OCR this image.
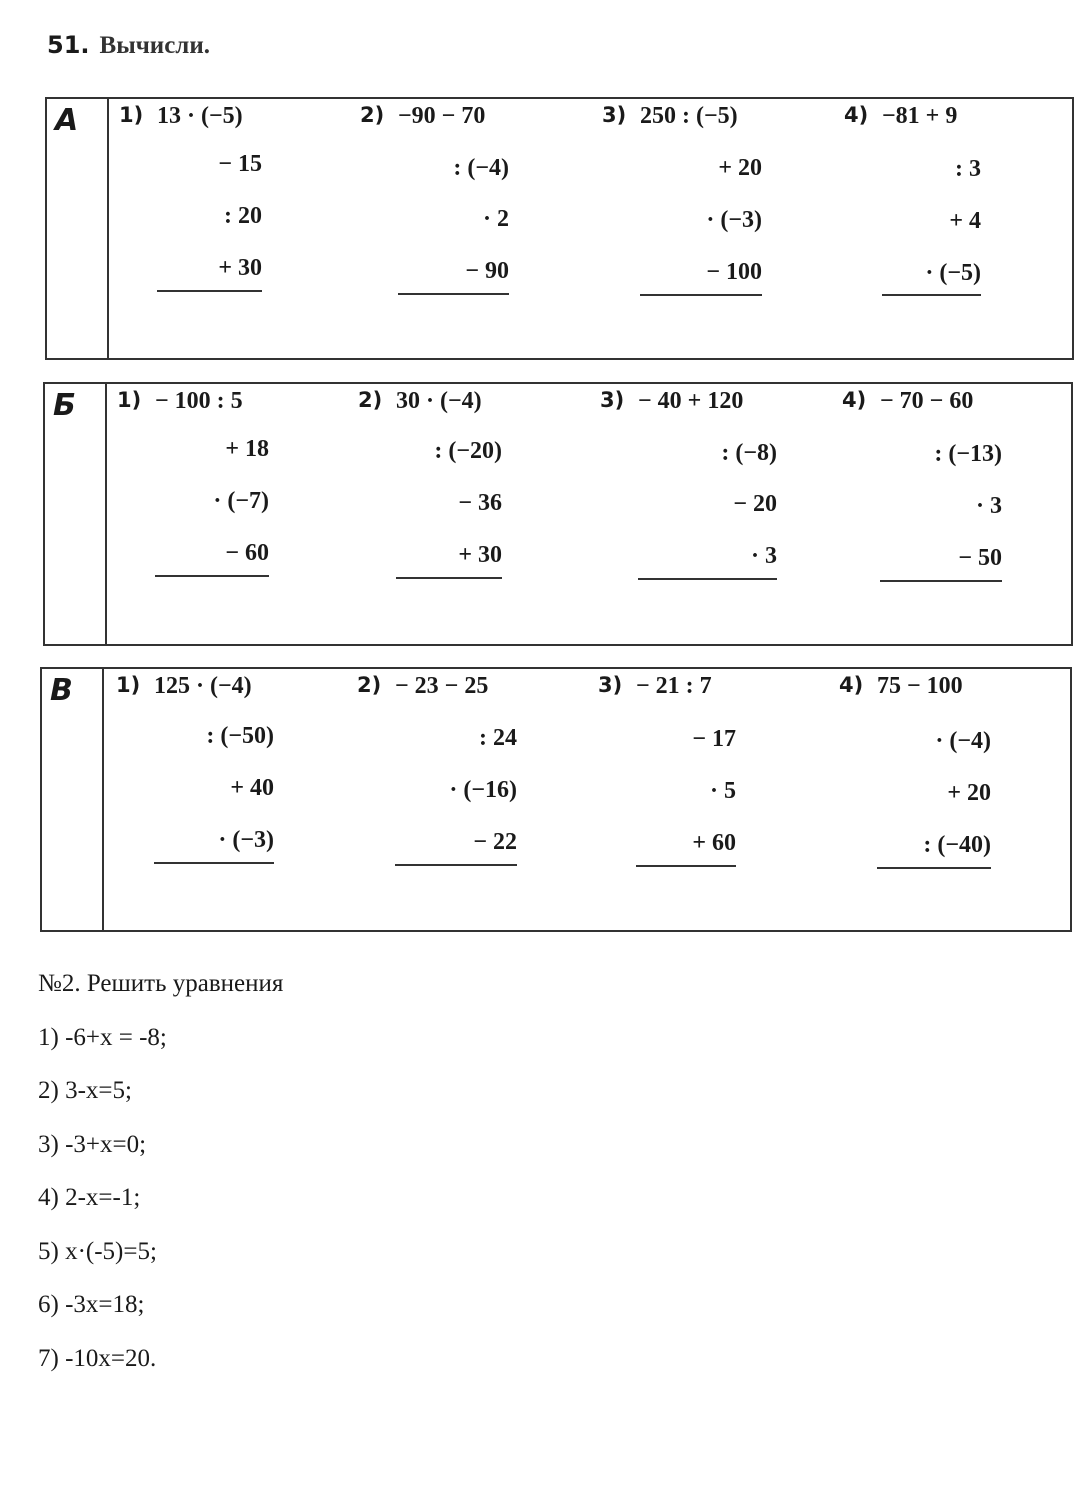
51. Вычисли.
А 1) 13 · (−5)
− 15
: 20
+ 30
2) −90 − 70
: (−4)
· 2
− 90
3) 250 : (−5)
+ 20
· (−3)
− 100
4) −81 + 9
: 3
+ 4
· (−5)
Б 1) − 100 : 5
+ 18
· (−7)
− 60
2) 30 · (−4)
: (−20)
− 36
+ 30
3) − 40 + 120
: (−8)
− 20
· 3
4) − 70 − 60
: (−13)
· 3
− 50
В 1) 125 · (−4)
: (−50)
+ 40
· (−3)
2) − 23 − 25
: 24
· (−16)
− 22
3) − 21 : 7
− 17
· 5
+ 60
4) 75 − 100
· (−4)
+ 20
: (−40)
№2. Решить уравнения
1) -6+x = -8;
2) 3-x=5;
3) -3+x=0;
4) 2-x=-1;
5) x·(-5)=5;
6) -3x=18;
7) -10x=20.
